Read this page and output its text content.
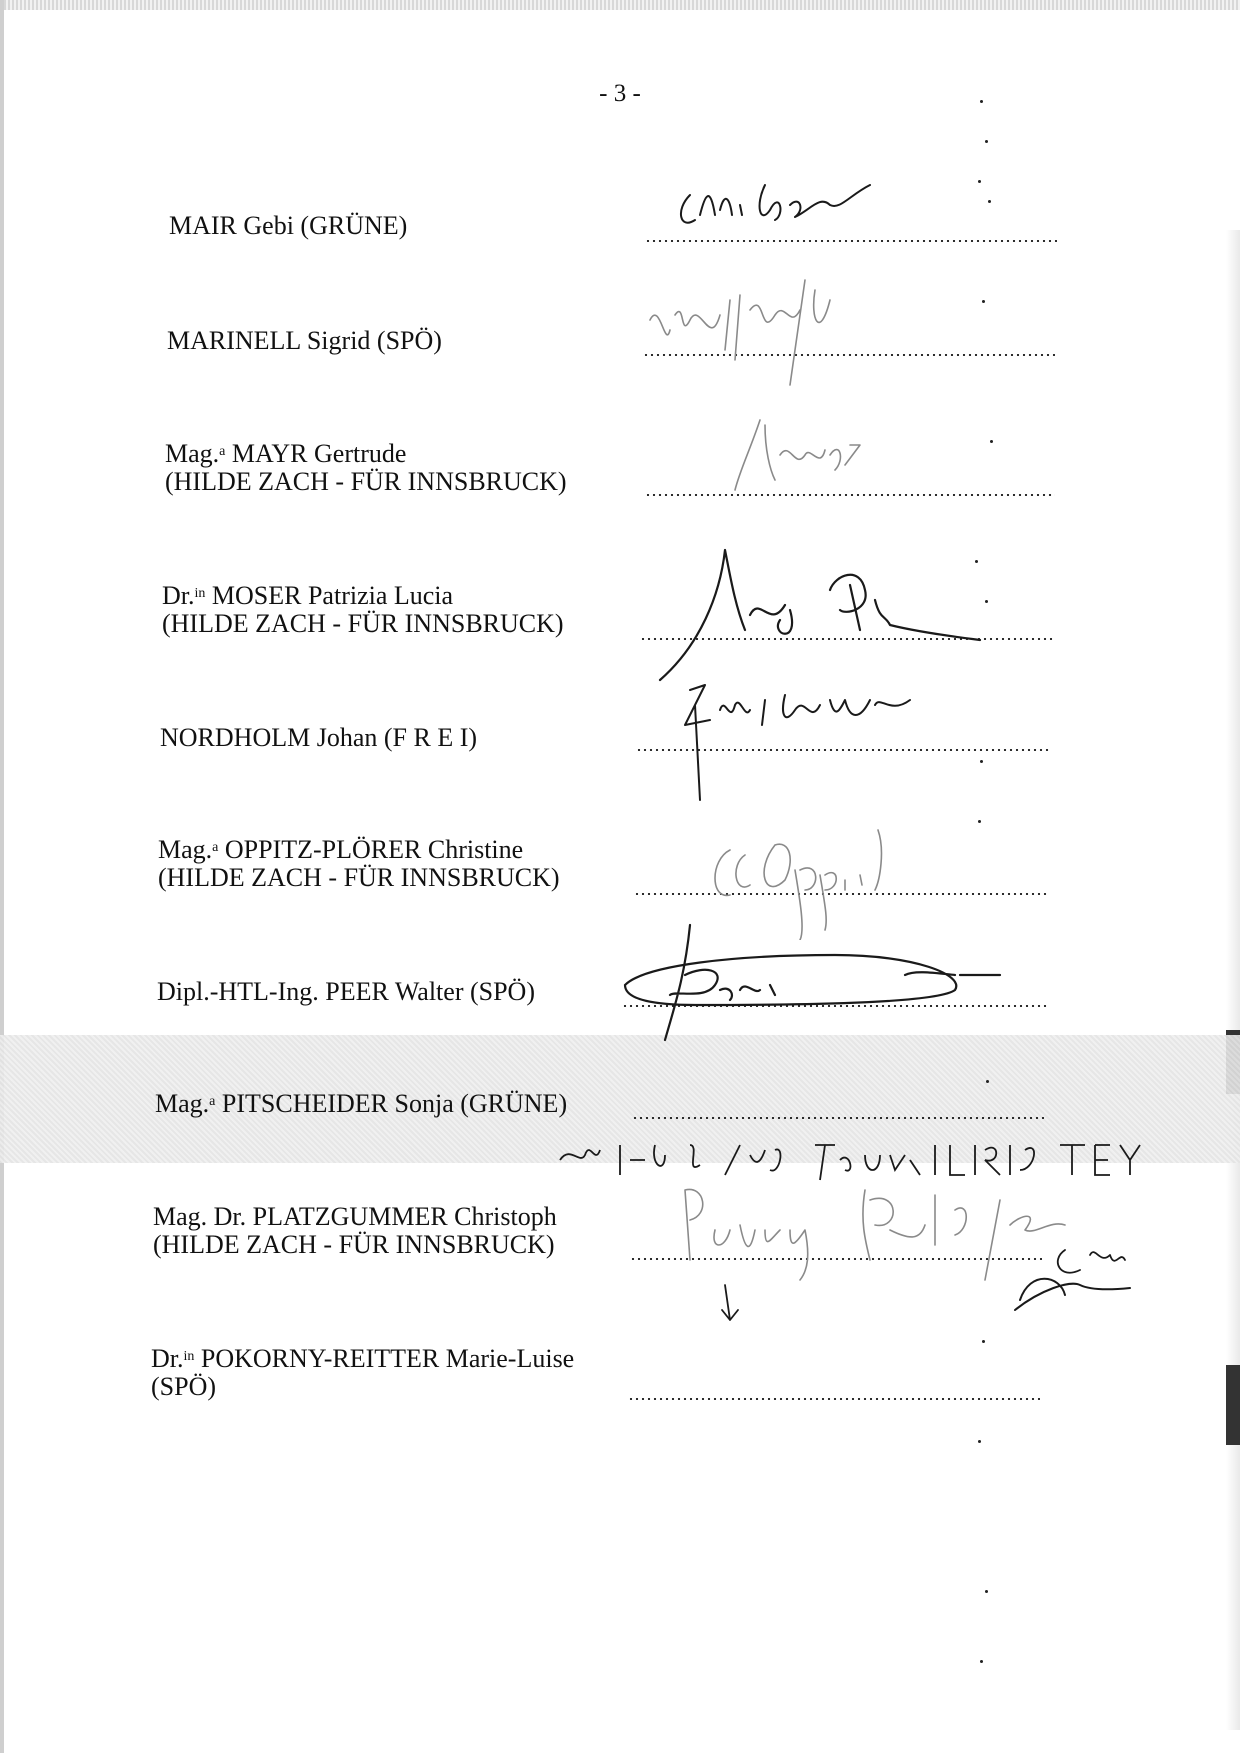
- 3 -
MAIR Gebi (GRÜNE)
MARINELL Sigrid (SPÖ)
Mag.$^a$ MAYR Gertrude
(HILDE ZACH - FÜR INNSBRUCK)
Dr.$^{in}$ MOSER Patrizia Lucia
(HILDE ZACH - FÜR INNSBRUCK)
NORDHOLM Johan (F R E I)
Mag.$^a$ OPPITZ-PLÖRER Christine
(HILDE ZACH - FÜR INNSBRUCK)
Dipl.-HTL-Ing. PEER Walter (SPÖ)
Mag.$^a$ PITSCHEIDER Sonja (GRÜNE)
Mag. Dr. PLATZGUMMER Christoph
(HILDE ZACH - FÜR INNSBRUCK)
Dr.$^{in}$ POKORNY-REITTER Marie-Luise
(SPÖ)
